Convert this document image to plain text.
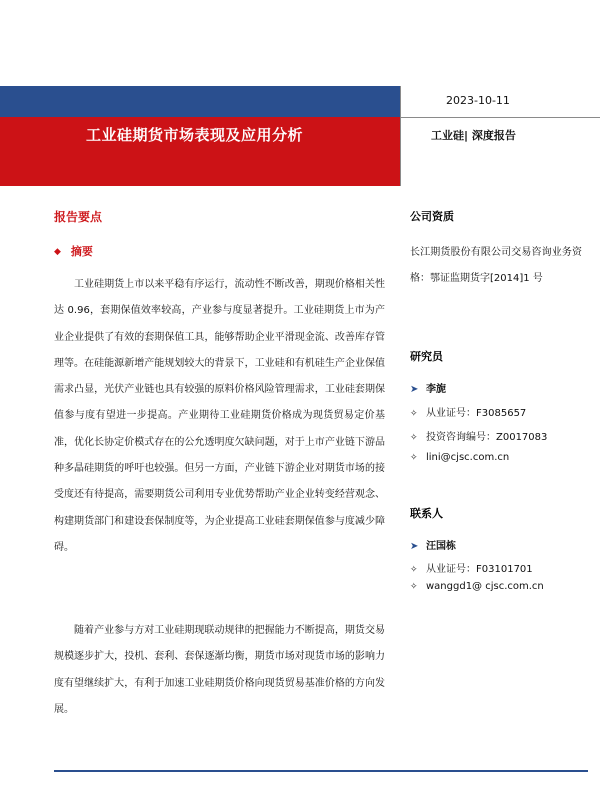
工业硅期货市场表现及应用分析
2023-10-11
工业硅| 深度报告
报告要点
◆ 摘要
工业硅期货上市以来平稳有序运行，流动性不断改善，期现价格相关性达 0.96，套期保值效率较高，产业参与度显著提升。工业硅期货上市为产业企业提供了有效的套期保值工具，能够帮助企业平滑现金流、改善库存管理等。在硅能源新增产能规划较大的背景下，工业硅和有机硅生产企业保值需求凸显，光伏产业链也具有较强的原料价格风险管理需求，工业硅套期保值参与度有望进一步提高。产业期待工业硅期货价格成为现货贸易定价基准，优化长协定价模式存在的公允透明度欠缺问题，对于上市产业链下游品种多晶硅期货的呼吁也较强。但另一方面，产业链下游企业对期货市场的接受度还有待提高，需要期货公司利用专业优势帮助产业企业转变经营观念、构建期货部门和建设套保制度等，为企业提高工业硅套期保值参与度减少障碍。
随着产业参与方对工业硅期现联动规律的把握能力不断提高，期货交易规模逐步扩大，投机、套利、套保逐渐均衡，期货市场对现货市场的影响力度有望继续扩大，有利于加速工业硅期货价格向现货贸易基准价格的方向发展。
公司资质
长江期货股份有限公司交易咨询业务资格：鄂证监期货字[2014]1 号
研究员
➤ 李旎
✧ 从业证号：F3085657
✧ 投资咨询编号：Z0017083
✧ lini@cjsc.com.cn
联系人
➤ 汪国栋
✧ 从业证号：F03101701
✧ wanggd1@ cjsc.com.cn
